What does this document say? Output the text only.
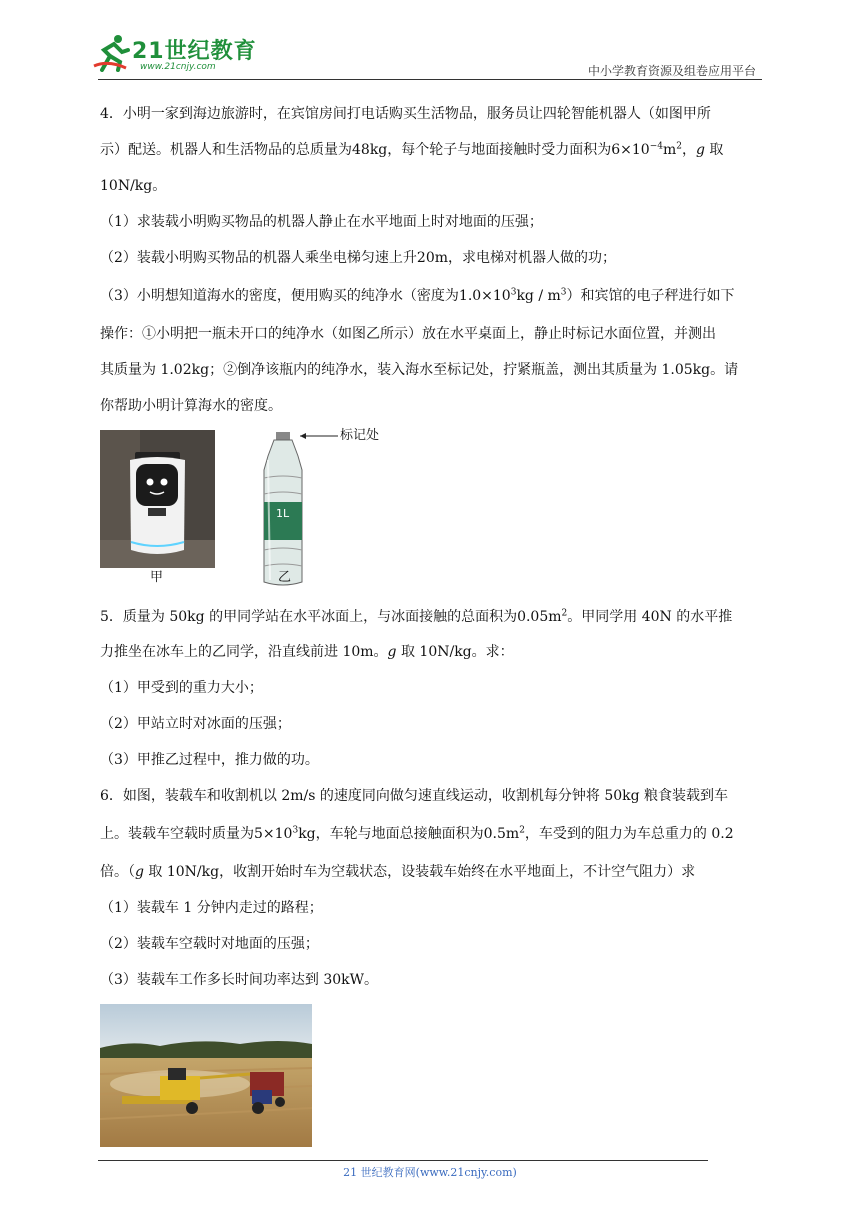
21世纪教育
www.21cnjy.com	中小学教育资源及组卷应用平台

4．小明一家到海边旅游时，在宾馆房间打电话购买生活物品，服务员让四轮智能机器人（如图甲所

示）配送。机器人和生活物品的总质量为48kg，每个轮子与地面接触时受力面积为$6\times 10^{-4}m^2$，g 取

10N/kg。

（1）求装载小明购买物品的机器人静止在水平地面上时对地面的压强；

（2）装载小明购买物品的机器人乘坐电梯匀速上升20m，求电梯对机器人做的功；

（3）小明想知道海水的密度，便用购买的纯净水（密度为$1.0\times 10^3kg / m^3$）和宾馆的电子秤进行如下

操作：①小明把一瓶未开口的纯净水（如图乙所示）放在水平桌面上，静止时标记水面位置，并测出

其质量为 1.02kg；②倒净该瓶内的纯净水，装入海水至标记处，拧紧瓶盖，测出其质量为 1.05kg。请

你帮助小明计算海水的密度。

甲
1L
标记处
乙

5．质量为 50kg 的甲同学站在水平冰面上，与冰面接触的总面积为$0.05m^2$。甲同学用 40N 的水平推

力推坐在冰车上的乙同学，沿直线前进 10m。g 取 10N/kg。求：

（1）甲受到的重力大小；

（2）甲站立时对冰面的压强；

（3）甲推乙过程中，推力做的功。

6．如图，装载车和收割机以 2m/s 的速度同向做匀速直线运动，收割机每分钟将 50kg 粮食装载到车

上。装载车空载时质量为$5\times 10^3kg$，车轮与地面总接触面积为$0.5m^2$，车受到的阻力为车总重力的 0.2

倍。（g 取 10N/kg，收割开始时车为空载状态，设装载车始终在水平地面上，不计空气阻力）求

（1）装载车 1 分钟内走过的路程；

（2）装载车空载时对地面的压强；

（3）装载车工作多长时间功率达到 30kW。

21 世纪教育网(www.21cnjy.com)
